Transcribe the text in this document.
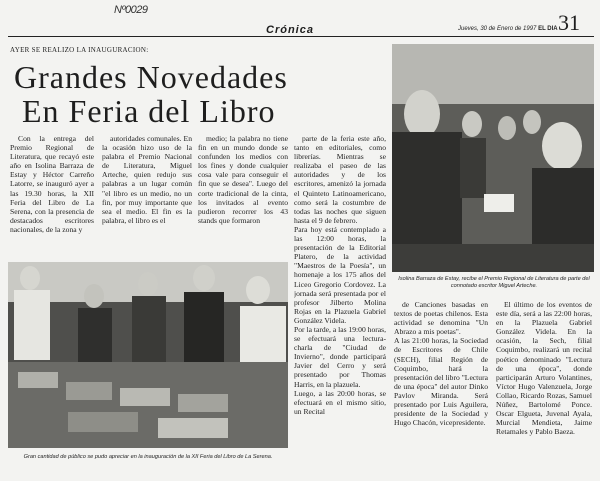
Nº0029
Crónica	Jueves, 30 de Enero de 1997 EL DIA 31
AYER SE REALIZO LA INAUGURACION:
Grandes Novedades
En Feria del Libro
Isolina Barraza de Estay, recibe el Premio Regional de Literatura de parte del connotado escritor Miguel Arteche.

Con la entrega del Premio Regional de Literatura, que recayó este año en Isolina Barraza de Estay y Héctor Carreño Latorre, se inauguró ayer a las 19.30 horas, la XII Feria del Libro de La Serena, con la presencia de destacados escritores nacionales, de la zona y

autoridades comunales. En la ocasión hizo uso de la palabra el Premio Nacional de Literatura, Miguel Arteche, quien redujo sus palabras a un lugar común "el libro es un medio, no un fin, por muy importante que sea el medio. El fin es la palabra, el libro es el

medio; la palabra no tiene fin en un mundo donde se confunden los medios con los fines y donde cualquier cosa vale para conseguir el fin que se desea". Luego del corte tradicional de la cinta, los invitados al evento pudieron recorrer los 43 stands que formaron

Gran cantidad de público se pudo apreciar en la inauguración de la XII Feria del Libro de La Serena.

parte de la feria este año, tanto en editoriales, como librerías. Mientras se realizaba el paseo de las autoridades y de los escritores, amenizó la jornada el Quinteto Latinoamericano, como será la costumbre de todas las noches que siguen hasta el 9 de febrero.
Para hoy está contemplado a las 12:00 horas, la presentación de la Editorial Platero, de la actividad "Maestros de la Poesía", un homenaje a los 175 años del Liceo Gregorio Cordovez. La jornada será presentada por el profesor Jilberto Molina Rojas en la Plazuela Gabriel González Videla.
Por la tarde, a las 19:00 horas, se efectuará una lectura-charla de "Ciudad de Invierno", donde participará Javier del Cerro y será presentado por Thomas Harris, en la plazuela.
Luego, a las 20:00 horas, se efectuará en el mismo sitio, un Recital

de Canciones basadas en textos de poetas chilenos. Esta actividad se denomina "Un Abrazo a mis poetas".
A las 21:00 horas, la Sociedad de Escritores de Chile (SECH), filial Región de Coquimbo, hará la presentación del libro "Lectura de una época" del autor Dinko Pavlov Miranda. Será presentado por Luis Aguilera, presidente de la Sociedad y Hugo Chacón, vicepresidente.

El último de los eventos de este día, será a las 22:00 horas, en la Plazuela Gabriel González Videla. En la ocasión, la Sech, filial Coquimbo, realizará un recital poético denominado "Lectura de una época", donde participarán Arturo Volantines, Víctor Hugo Valenzuela, Jorge Collao, Ricardo Rozas, Samuel Núñez, Bartolomé Ponce. Oscar Elgueta, Juvenal Ayala, Murcial Mendieta, Jaime Retamales y Pablo Baeza.
